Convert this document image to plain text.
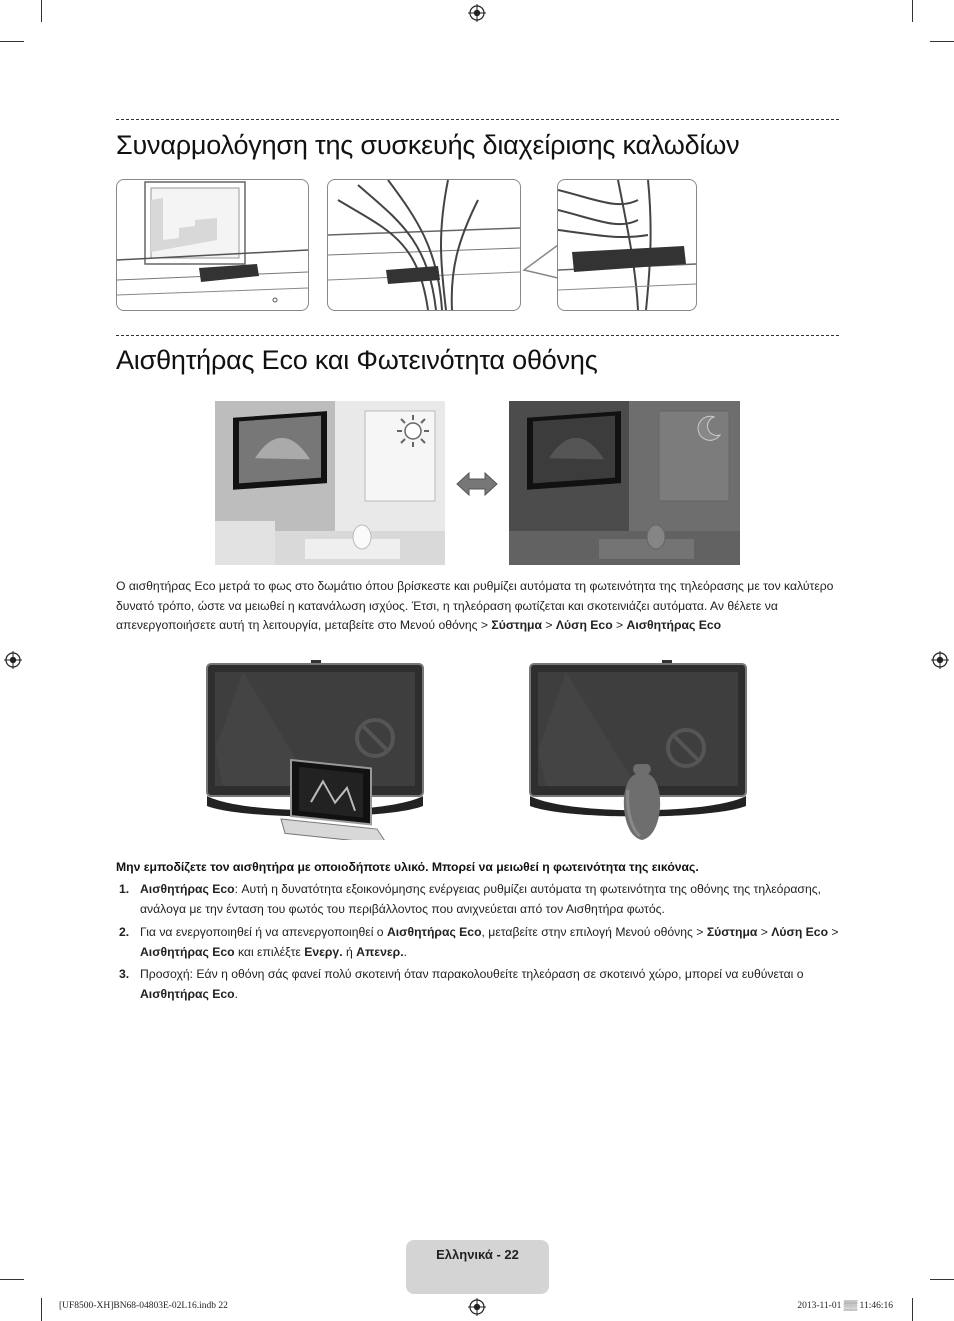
Συναρμολόγηση της συσκευής διαχείρισης καλωδίων
Αισθητήρας Eco και Φωτεινότητα οθόνης
Ο αισθητήρας Eco μετρά το φως στο δωμάτιο όπου βρίσκεστε και ρυθμίζει αυτόματα τη φωτεινότητα της τηλεόρασης με τον καλύτερο δυνατό τρόπο, ώστε να μειωθεί η κατανάλωση ισχύος. Έτσι, η τηλεόραση φωτίζεται και σκοτεινιάζει αυτόματα. Αν θέλετε να απενεργοποιήσετε αυτή τη λειτουργία, μεταβείτε στο Μενού οθόνης > Σύστημα > Λύση Eco > Αισθητήρας Eco
Μην εμποδίζετε τον αισθητήρα με οποιοδήποτε υλικό. Μπορεί να μειωθεί η φωτεινότητα της εικόνας.
1. Αισθητήρας Eco: Αυτή η δυνατότητα εξοικονόμησης ενέργειας ρυθμίζει αυτόματα τη φωτεινότητα της οθόνης της τηλεόρασης, ανάλογα με την ένταση του φωτός του περιβάλλοντος που ανιχνεύεται από τον Αισθητήρα φωτός.
2. Για να ενεργοποιηθεί ή να απενεργοποιηθεί ο Αισθητήρας Eco, μεταβείτε στην επιλογή Μενού οθόνης > Σύστημα > Λύση Eco > Αισθητήρας Eco και επιλέξτε Ενεργ. ή Απενερ..
3. Προσοχή: Εάν η οθόνη σάς φανεί πολύ σκοτεινή όταν παρακολουθείτε τηλεόραση σε σκοτεινό χώρο, μπορεί να ευθύνεται ο Αισθητήρας Eco.
Ελληνικά - 22
[UF8500-XH]BN68-04803E-02L16.indb 22	2013-11-01 ▒▒ 11:46:16
